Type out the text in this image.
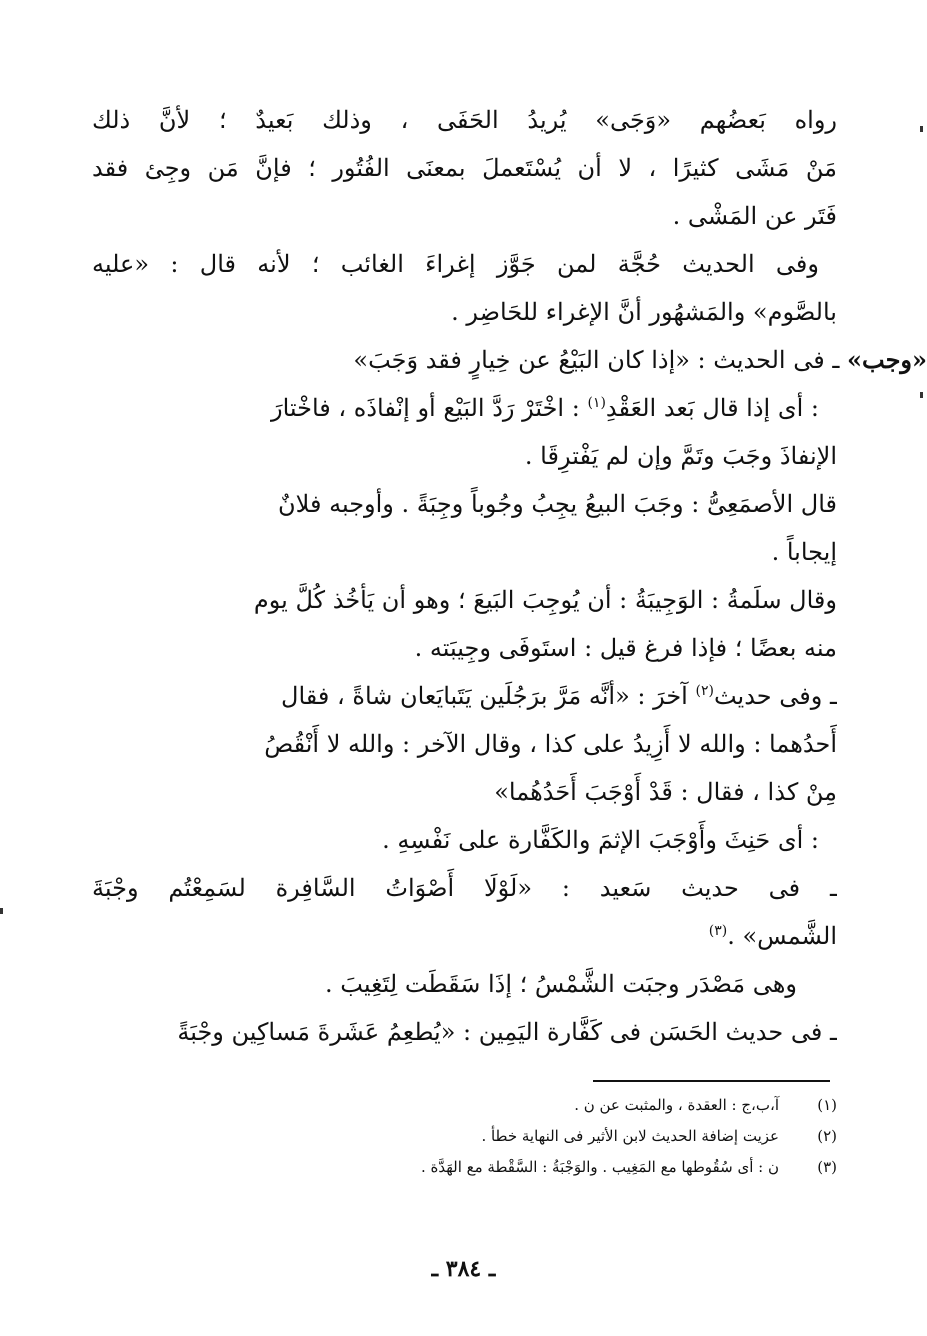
رواه بَعضُهم «وَجَى» يُريدُ الحَفَى ، وذلك بَعيدٌ ؛ لأنَّ ذلك
مَنْ مَشَى كثيرًا ، لا أن يُسْتَعملَ بمعنَى الفُتُور ؛ فإنَّ مَن وجِئ فقد
فَتَر عن المَشْى .
وفى الحديث حُجَّة لمن جَوَّز إغراءَ الغائب ؛ لأنه قال : «عليه
بالصَّوم» والمَشهُور أنَّ الإغراء للحَاضِر .
«وجب» ـ فى الحديث : «إذا كان البَيْعُ عن خِيارٍ فقد وَجَبَ»
: أى إذا قال بَعد العَقْدِ$^{(١)}$ : اخْتَرْ رَدَّ البَيْع أو إنْفاذَه ، فاخْتارَ
الإنفاذَ وجَبَ وتَمَّ وإن لم يَفْترِقَا .
قال الأصمَعِىُّ : وجَبَ البيعُ يجِبُ وجُوباً وجِبَةً . وأوجبه فلانٌ
إيجاباً .
وقال سلَمةُ : الوَجِيبَةُ : أن يُوجِبَ البَيعَ ؛ وهو أن يَأخُذ كُلَّ يوم
منه بعضًا ؛ فإذا فرغ قيل : استَوفَى وجِيبَته .
ـ وفى حديث$^{(٢)}$ آخرَ : «أنَّه مَرَّ برَجُلَين يَتَبايَعان شاةً ، فقال
أَحدُهما : والله لا أَزِيدُ على كذا ، وقال الآخر : والله لا أَنْقُصُ
مِنْ كذا ، فقال : قَدْ أَوْجَبَ أَحَدُهُما»
: أى حَنِثَ وأَوْجَبَ الإثمَ والكَفَّارة على نَفْسِهِ .
ـ فى حديث سَعيد : «لَوْلَا أَصْوَاتُ السَّافِرة لسَمِعْتُم وجْبَةَ
الشَّمس» .$^{(٣)}$
وهى مَصْدَر وجبَت الشَّمْسُ ؛ إذَا سَقَطَت لِتَغِيبَ .
ـ فى حديث الحَسَن فى كَفَّارة اليَمِين : «يُطعِمُ عَشَرةَ مَساكِين وجْبَةً
(١)
آ،ب،ج : العقدة ، والمثبت عن ن .
(٢)
عزيت إضافة الحديث لابن الأثير فى النهاية خطأ .
(٣)
ن : أى سُقُوطها مع المَغِيب . والوَجْبَةُ : السَّقْطة مع الهَدَّة .
ـ ٣٨٤ ـ
